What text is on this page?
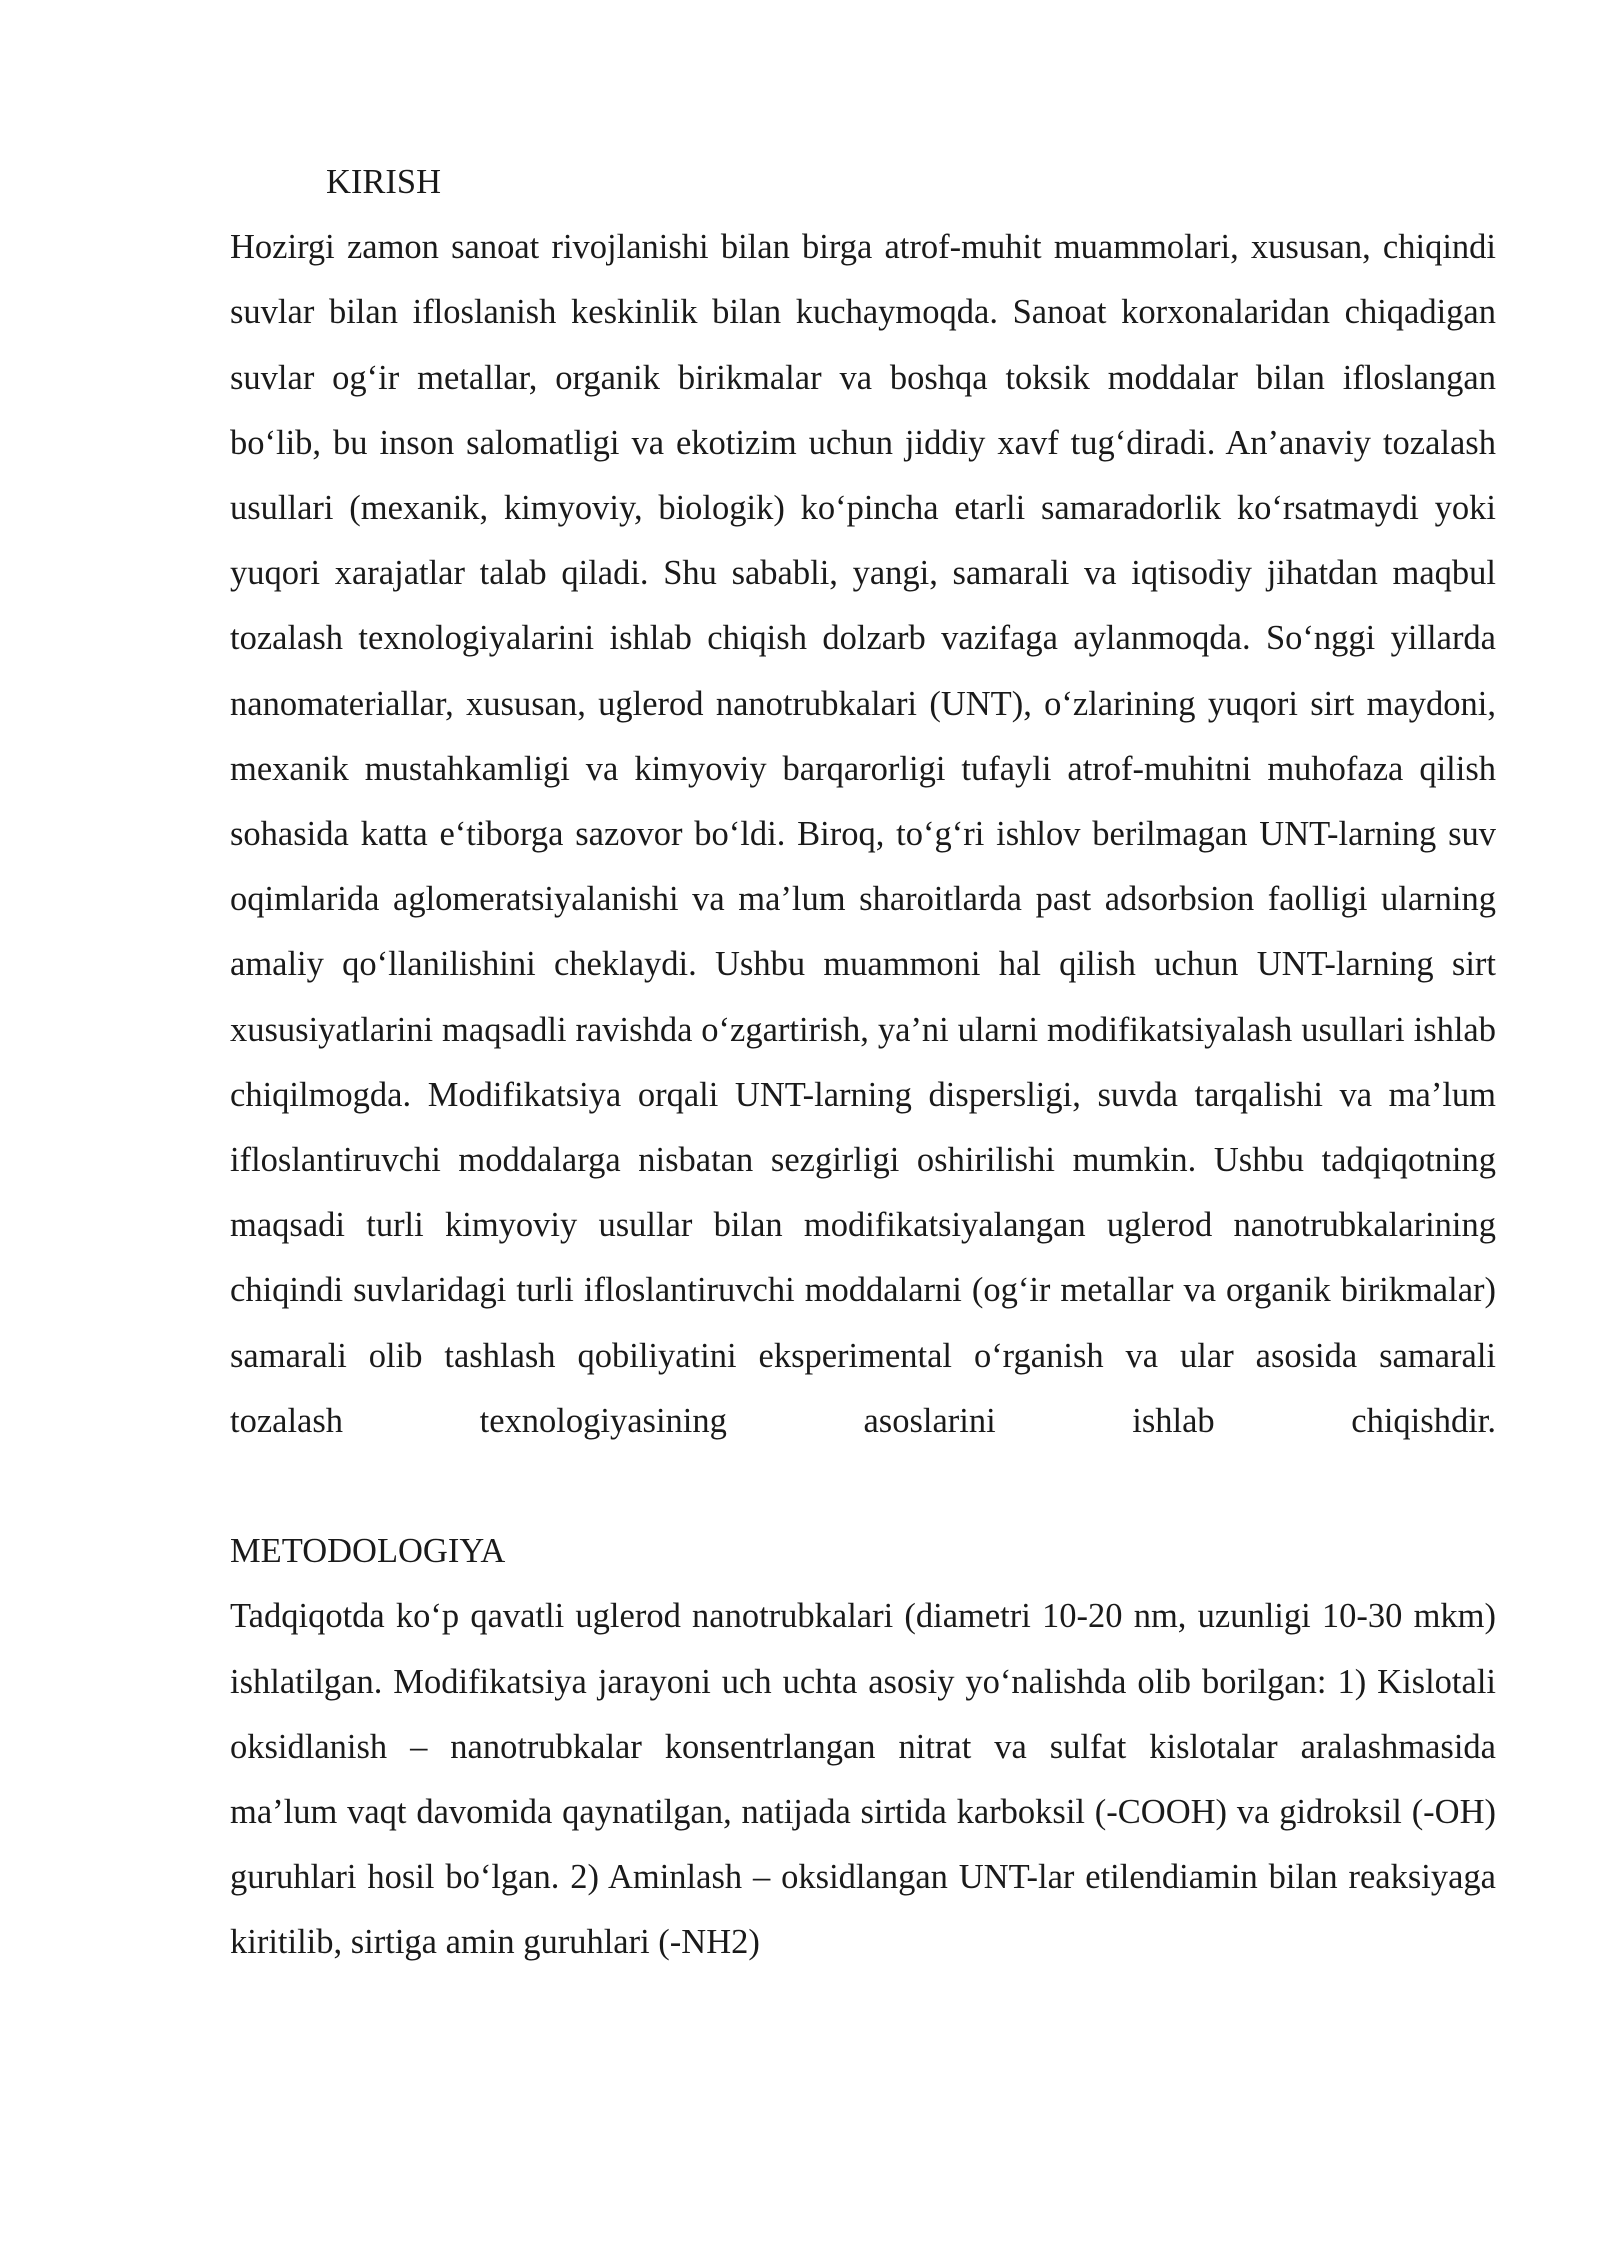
KIRISH

Hozirgi zamon sanoat rivojlanishi bilan birga atrof-muhit muammolari, xususan, chiqindi suvlar bilan ifloslanish keskinlik bilan kuchaymoqda. Sanoat korxonalaridan chiqadigan suvlar og‘ir metallar, organik birikmalar va boshqa toksik moddalar bilan ifloslangan bo‘lib, bu inson salomatligi va ekotizim uchun jiddiy xavf tug‘diradi. An’anaviy tozalash usullari (mexanik, kimyoviy, biologik) ko‘pincha etarli samaradorlik ko‘rsatmaydi yoki yuqori xarajatlar talab qiladi. Shu sababli, yangi, samarali va iqtisodiy jihatdan maqbul tozalash texnologiyalarini ishlab chiqish dolzarb vazifaga aylanmoqda. So‘nggi yillarda nanomateriallar, xususan, uglerod nanotrubkalari (UNT), o‘zlarining yuqori sirt maydoni, mexanik mustahkamligi va kimyoviy barqarorligi tufayli atrof-muhitni muhofaza qilish sohasida katta e‘tiborga sazovor bo‘ldi. Biroq, to‘g‘ri ishlov berilmagan UNT-larning suv oqimlarida aglomeratsiyalanishi va ma’lum sharoitlarda past adsorbsion faolligi ularning amaliy qo‘llanilishini cheklaydi. Ushbu muammoni hal qilish uchun UNT-larning sirt xususiyatlarini maqsadli ravishda o‘zgartirish, ya’ni ularni modifikatsiyalash usullari ishlab chiqilmogda. Modifikatsiya orqali UNT-larning dispersligi, suvda tarqalishi va ma’lum ifloslantiruvchi moddalarga nisbatan sezgirligi oshirilishi mumkin. Ushbu tadqiqotning maqsadi turli kimyoviy usullar bilan modifikatsiyalangan uglerod nanotrubkalarining chiqindi suvlaridagi turli ifloslantiruvchi moddalarni (og‘ir metallar va organik birikmalar) samarali olib tashlash qobiliyatini eksperimental o‘rganish va ular asosida samarali tozalash texnologiyasining asoslarini ishlab chiqishdir.

METODOLOGIYA

Tadqiqotda ko‘p qavatli uglerod nanotrubkalari (diametri 10-20 nm, uzunligi 10-30 mkm) ishlatilgan. Modifikatsiya jarayoni uch uchta asosiy yo‘nalishda olib borilgan: 1) Kislotali oksidlanish – nanotrubkalar konsentrlangan nitrat va sulfat kislotalar aralashmasida ma’lum vaqt davomida qaynatilgan, natijada sirtida karboksil (-COOH) va gidroksil (-OH) guruhlari hosil bo‘lgan. 2) Aminlash – oksidlangan UNT-lar etilendiamin bilan reaksiyaga kiritilib, sirtiga amin guruhlari (-NH2)
